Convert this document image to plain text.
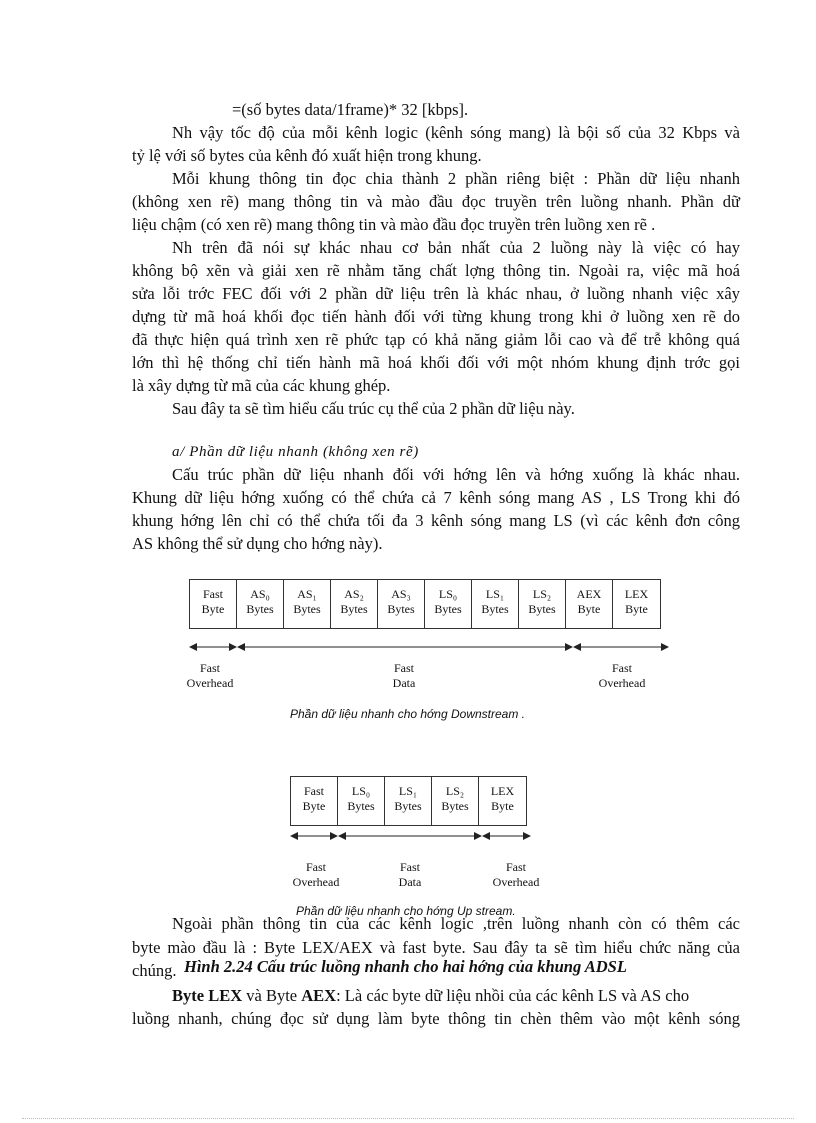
=(số bytes data/1frame)* 32 [kbps].
Nh vậy tốc độ của mỗi kênh logic (kênh sóng mang) là bội số của 32 Kbps và
tỷ lệ với số bytes của kênh đó xuất hiện trong khung.
Mỗi khung thông tin đọc chia thành 2 phần riêng biệt : Phần dữ liệu nhanh
(không xen rẽ) mang thông tin và mào đầu đọc truyền trên luồng nhanh. Phần dữ
liệu chậm (có xen rẽ) mang thông tin và mào đầu đọc truyền trên luồng xen rẽ .
Nh trên đã nói sự khác nhau cơ bản nhất của 2 luồng này là việc có hay
không bộ xẽn và giải xen rẽ nhằm tăng chất lợng thông tin. Ngoài ra, việc mã hoá
sửa lỗi trớc FEC đối với 2 phần dữ liệu trên là khác nhau, ở luồng nhanh việc xây
dựng từ mã hoá khối đọc tiến hành đối với từng khung trong khi ở luồng xen rẽ do
đã thực hiện quá trình xen rẽ phức tạp có khả năng giảm lỗi cao và để trễ không quá
lớn thì hệ thống chỉ tiến hành mã hoá khối đối với một nhóm khung định trớc gọi
là xây dựng từ mã của các khung ghép.
Sau đây ta sẽ tìm hiểu cấu trúc cụ thể của 2 phần dữ liệu này.
a/ Phần dữ liệu nhanh (không xen rẽ)
Cấu trúc phần dữ liệu nhanh đối với hớng lên và hớng xuống là khác nhau.
Khung dữ liệu hớng xuống có thể chứa cả 7 kênh sóng mang AS , LS Trong khi đó
khung hớng lên chỉ có thể chứa tối đa 3 kênh sóng mang LS (vì các kênh đơn công
AS không thể sử dụng cho hớng này).
Fast
Byte
AS₀
Bytes
AS₁
Bytes
AS₂
Bytes
AS₃
Bytes
LS₀
Bytes
LS₁
Bytes
LS₂
Bytes
AEX
Byte
LEX
Byte
Fast
Overhead
Fast
Data
Fast
Overhead
Phần dữ liệu nhanh cho hớng Downstream .
Fast
Byte
LS₀
Bytes
LS₁
Bytes
LS₂
Bytes
LEX
Byte
Fast
Overhead
Fast
Data
Fast
Overhead
Phần dữ liệu nhanh cho hớng Up stream.
Ngoài phần thông tin của các kênh logic ,trên luồng nhanh còn có thêm các
byte mào đầu là : Byte LEX/AEX và fast byte. Sau đây ta sẽ tìm hiểu chức năng của
chúng. Hình 2.24 Cấu trúc luồng nhanh cho hai hớng của khung ADSL
Byte LEX và Byte AEX: Là các byte dữ liệu nhồi của các kênh LS và AS cho
luồng nhanh, chúng đọc sử dụng làm byte thông tin chèn thêm vào một kênh sóng
